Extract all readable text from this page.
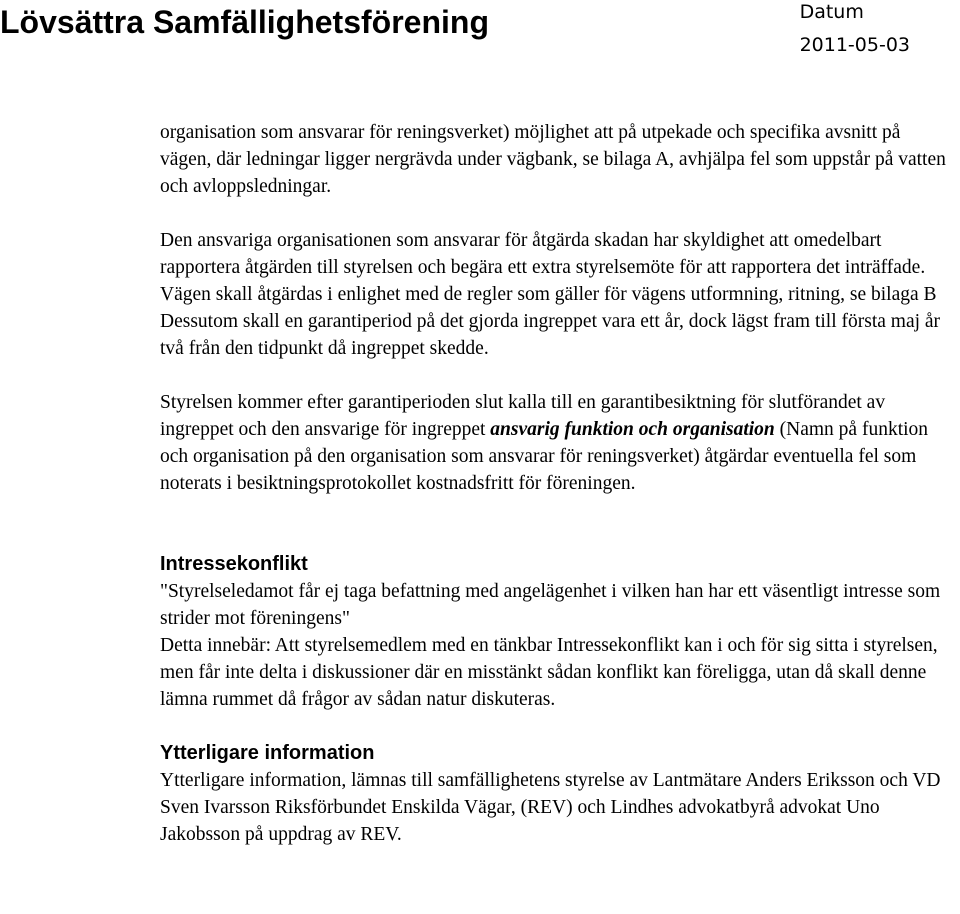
Lövsättra Samfällighetsförening	Datum
2011-05-03

organisation som ansvarar för reningsverket) möjlighet att på utpekade och specifika avsnitt på vägen, där ledningar ligger nergrävda under vägbank, se bilaga A, avhjälpa fel som uppstår på vatten och avloppsledningar.

Den ansvariga organisationen som ansvarar för åtgärda skadan har skyldighet att omedelbart rapportera åtgärden till styrelsen och begära ett extra styrelsemöte för att rapportera det inträffade. Vägen skall åtgärdas i enlighet med de regler som gäller för vägens utformning, ritning, se bilaga B Dessutom skall en garantiperiod på det gjorda ingreppet vara ett år, dock lägst fram till första maj år två från den tidpunkt då ingreppet skedde.

Styrelsen kommer efter garantiperioden slut kalla till en garantibesiktning för slutförandet av ingreppet och den ansvarige för ingreppet ansvarig funktion och organisation (Namn på funktion och organisation på den organisation som ansvarar för reningsverket) åtgärdar eventuella fel som noterats i besiktningsprotokollet kostnadsfritt för föreningen.

Intressekonflikt

"Styrelseledamot får ej taga befattning med angelägenhet i vilken han har ett väsentligt intresse som strider mot föreningens"

Detta innebär: Att styrelsemedlem med en tänkbar Intressekonflikt kan i och för sig sitta i styrelsen, men får inte delta i diskussioner där en misstänkt sådan konflikt kan föreligga, utan då skall denne lämna rummet då frågor av sådan natur diskuteras.

Ytterligare information

Ytterligare information, lämnas till samfällighetens styrelse av Lantmätare Anders Eriksson och VD Sven Ivarsson Riksförbundet Enskilda Vägar, (REV) och Lindhes advokatbyrå advokat Uno Jakobsson på uppdrag av REV.
